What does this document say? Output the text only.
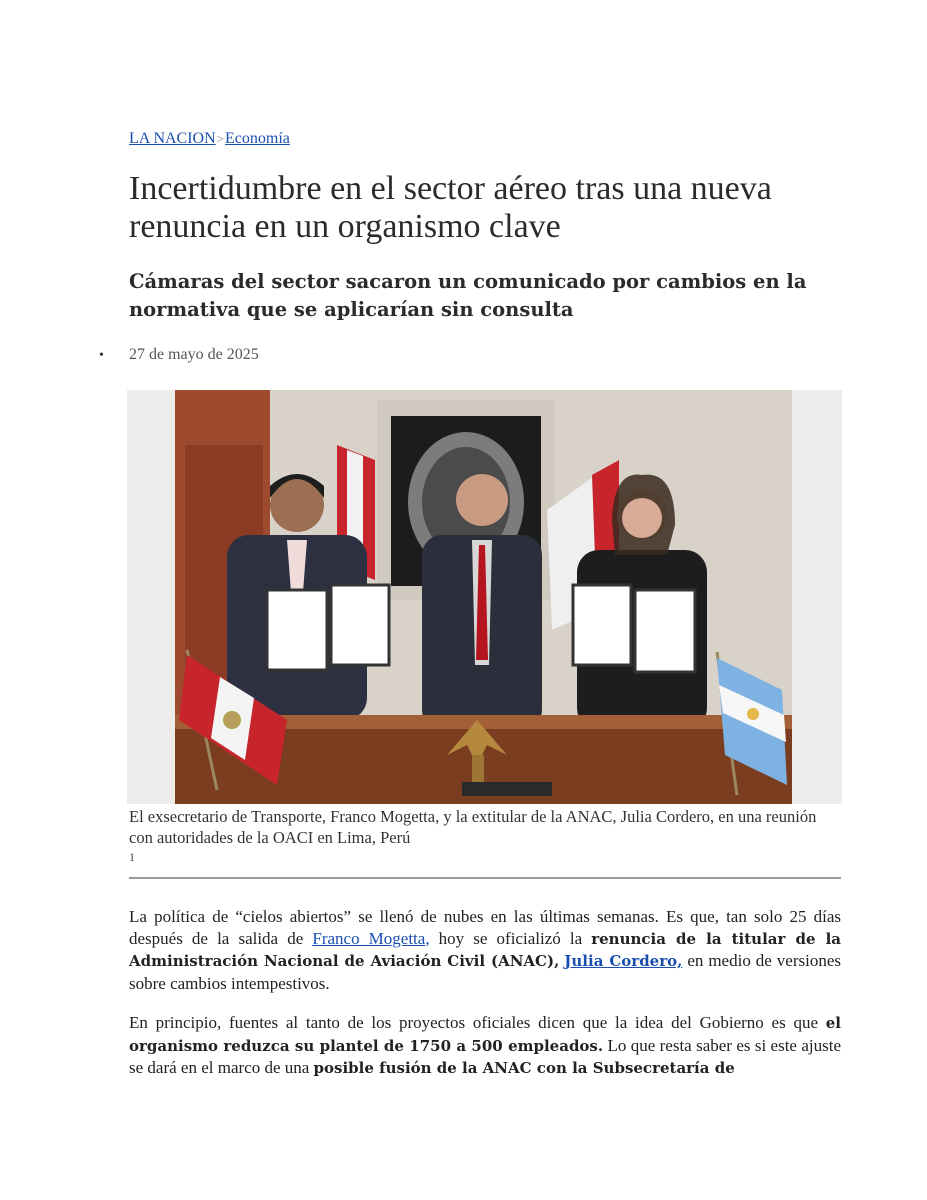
LA NACION>Economía
Incertidumbre en el sector aéreo tras una nueva renuncia en un organismo clave
Cámaras del sector sacaron un comunicado por cambios en la normativa que se aplicarían sin consulta
• 27 de mayo de 2025
El exsecretario de Transporte, Franco Mogetta, y la extitular de la ANAC, Julia Cordero, en una reunión con autoridades de la OACI en Lima, Perú
1

La política de “cielos abiertos” se llenó de nubes en las últimas semanas. Es que, tan solo 25 días después de la salida de Franco Mogetta, hoy se oficializó la renuncia de la titular de la Administración Nacional de Aviación Civil (ANAC), Julia Cordero, en medio de versiones sobre cambios intempestivos.

En principio, fuentes al tanto de los proyectos oficiales dicen que la idea del Gobierno es que el organismo reduzca su plantel de 1750 a 500 empleados. Lo que resta saber es si este ajuste se dará en el marco de una posible fusión de la ANAC con la Subsecretaría de
